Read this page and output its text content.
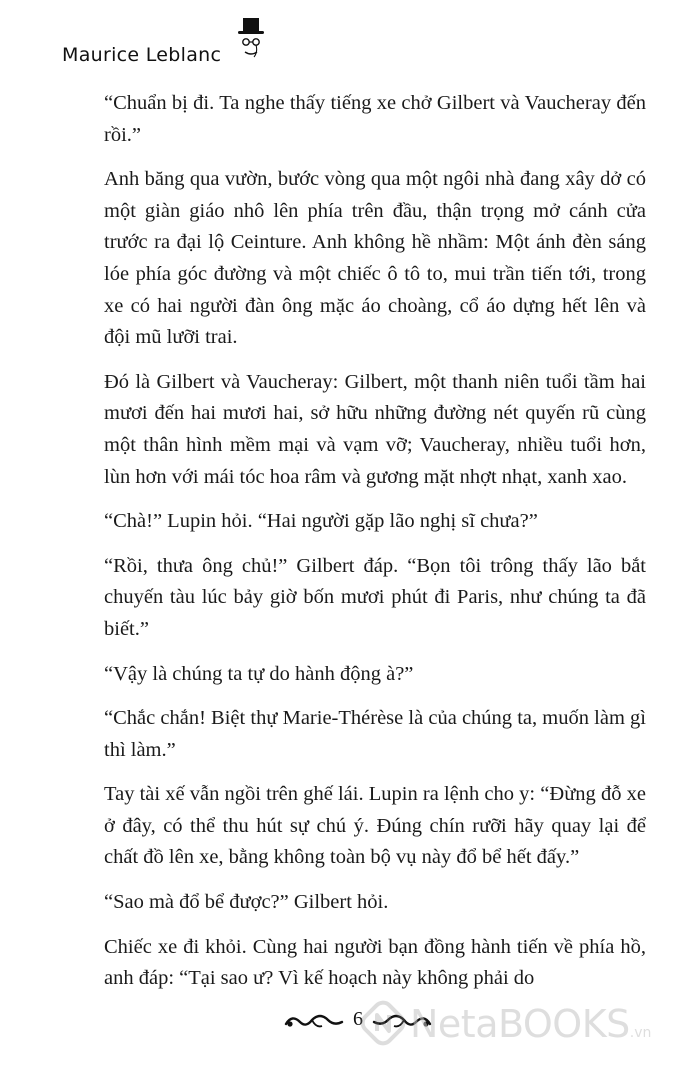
Maurice Leblanc

“Chuẩn bị đi. Ta nghe thấy tiếng xe chở Gilbert và Vaucheray đến rồi.”

Anh băng qua vườn, bước vòng qua một ngôi nhà đang xây dở có một giàn giáo nhô lên phía trên đầu, thận trọng mở cánh cửa trước ra đại lộ Ceinture. Anh không hề nhầm: Một ánh đèn sáng lóe phía góc đường và một chiếc ô tô to, mui trần tiến tới, trong xe có hai người đàn ông mặc áo choàng, cổ áo dựng hết lên và đội mũ lưỡi trai.

Đó là Gilbert và Vaucheray: Gilbert, một thanh niên tuổi tầm hai mươi đến hai mươi hai, sở hữu những đường nét quyến rũ cùng một thân hình mềm mại và vạm vỡ; Vaucheray, nhiều tuổi hơn, lùn hơn với mái tóc hoa râm và gương mặt nhợt nhạt, xanh xao.

“Chà!” Lupin hỏi. “Hai người gặp lão nghị sĩ chưa?”

“Rồi, thưa ông chủ!” Gilbert đáp. “Bọn tôi trông thấy lão bắt chuyến tàu lúc bảy giờ bốn mươi phút đi Paris, như chúng ta đã biết.”

“Vậy là chúng ta tự do hành động à?”

“Chắc chắn! Biệt thự Marie-Thérèse là của chúng ta, muốn làm gì thì làm.”

Tay tài xế vẫn ngồi trên ghế lái. Lupin ra lệnh cho y: “Đừng đỗ xe ở đây, có thể thu hút sự chú ý. Đúng chín rưỡi hãy quay lại để chất đồ lên xe, bằng không toàn bộ vụ này đổ bể hết đấy.”

“Sao mà đổ bể được?” Gilbert hỏi.

Chiếc xe đi khỏi. Cùng hai người bạn đồng hành tiến về phía hồ, anh đáp: “Tại sao ư? Vì kế hoạch này không phải do

6 NetaBOOKS.vn
